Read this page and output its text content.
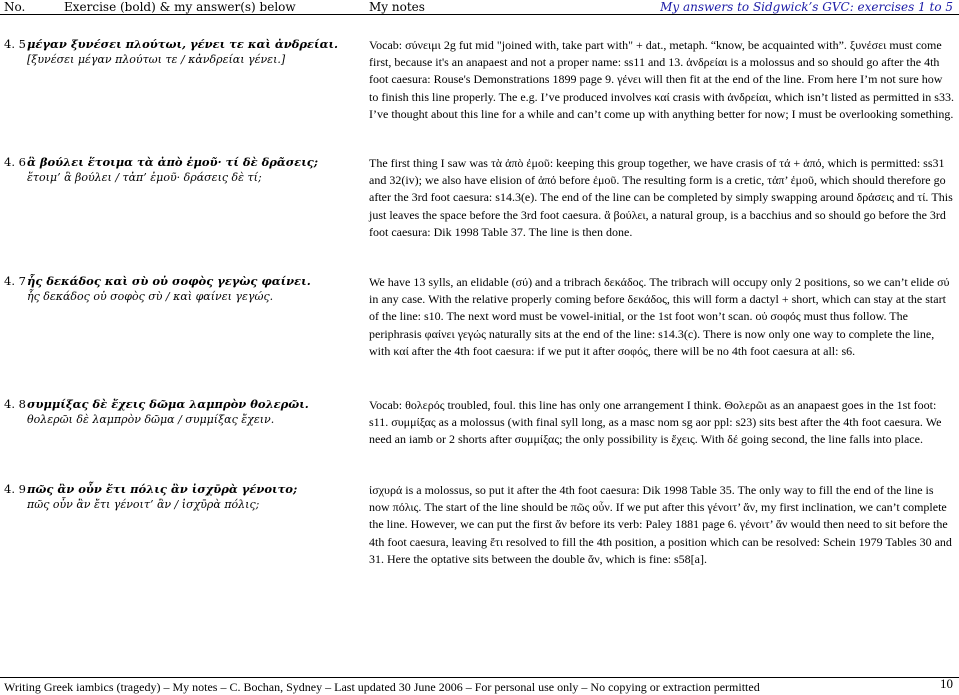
No.	Exercise (bold) & my answer(s) below	My notes	My answers to Sidgwick’s GVC: exercises 1 to 5
4. 5 μέγαν ξυνέσει πλούτωι, γένει τε καὶ ἀνδρείαι.
[ξυνέσει μέγαν πλούτωι τε / κἀνδρείαι γένει.]
Vocab: σύνειμι 2g fut mid "joined with, take part with" + dat., metaph. “know, be acquainted with”. ξυνέσει must come first, because it's an anapaest and not a proper name: ss11 and 13. ἀνδρείαι is a molossus and so should go after the 4th foot caesura: Rouse's Demonstrations 1899 page 9. γένει will then fit at the end of the line. From here I’m not sure how to finish this line properly. The e.g. I’ve produced involves καί crasis with ἀνδρείαι, which isn’t listed as permitted in s33. I’ve thought about this line for a while and can’t come up with anything better for now; I must be overlooking something.
4. 6 ἃ βούλει ἕτοιμα τὰ ἀπὸ ἐμοῦ· τί δὲ δρᾶσεις;
ἕτοιμ’ ἃ βούλει / τἀπ’ ἐμοῦ· δράσεις δὲ τί;
The first thing I saw was τὰ ἀπὸ ἐμοῦ: keeping this group together, we have crasis of τά + ἀπό, which is permitted: ss31 and 32(iv); we also have elision of ἀπό before ἐμοῦ. The resulting form is a cretic, τἀπ’ ἐμοῦ, which should therefore go after the 3rd foot caesura: s14.3(e). The end of the line can be completed by simply swapping around δράσεις and τί. This just leaves the space before the 3rd foot caesura. ἃ βούλει, a natural group, is a bacchius and so should go before the 3rd foot caesura: Dik 1998 Table 37. The line is then done.
4. 7 ἧς δεκάδος καὶ σὺ οὐ σοφὸς γεγὼς φαίνει.
ἧς δεκάδος οὐ σοφὸς σὺ / καὶ φαίνει γεγώς.
We have 13 sylls, an elidable (σύ) and a tribrach δεκάδος. The tribrach will occupy only 2 positions, so we can’t elide σύ in any case. With the relative properly coming before δεκάδος, this will form a dactyl + short, which can stay at the start of the line: s10. The next word must be vowel-initial, or the 1st foot won’t scan. οὐ σοφός must thus follow. The periphrasis φαίνει γεγώς naturally sits at the end of the line: s14.3(c). There is now only one way to complete the line, with καί after the 4th foot caesura: if we put it after σοφός, there will be no 4th foot caesura at all: s6.
4. 8 συμμίξας δὲ ἔχεις δῶμα λαμπρὸν θολερῶι.
θολερῶι δὲ λαμπρὸν δῶμα / συμμίξας ἔχειν.
Vocab: θολερός troubled, foul. this line has only one arrangement I think. Θολερῶι as an anapaest goes in the 1st foot: s11. συμμίξας as a molossus (with final syll long, as a masc nom sg aor ppl: s23) sits best after the 4th foot caesura. We need an iamb or 2 shorts after συμμίξας; the only possibility is ἔχεις. With δέ going second, the line falls into place.
4. 9 πῶς ἂν οὖν ἔτι πόλις ἂν ἰσχῡρὰ γένοιτο;
πῶς οὖν ἂν ἔτι γένοιτ’ ἂν / ἰσχῡρὰ πόλις;
ἰσχυρά is a molossus, so put it after the 4th foot caesura: Dik 1998 Table 35. The only way to fill the end of the line is now πόλις. The start of the line should be πῶς οὖν. If we put after this γένοιτ’ ἄν, my first inclination, we can’t complete the line. However, we can put the first ἄν before its verb: Paley 1881 page 6. γένοιτ’ ἄν would then need to sit before the 4th foot caesura, leaving ἔτι resolved to fill the 4th position, a position which can be resolved: Schein 1979 Tables 30 and 31. Here the optative sits between the double ἄν, which is fine: s58[a].
Writing Greek iambics (tragedy) – My notes – C. Bochan, Sydney – Last updated 30 June 2006 – For personal use only – No copying or extraction permitted	10
